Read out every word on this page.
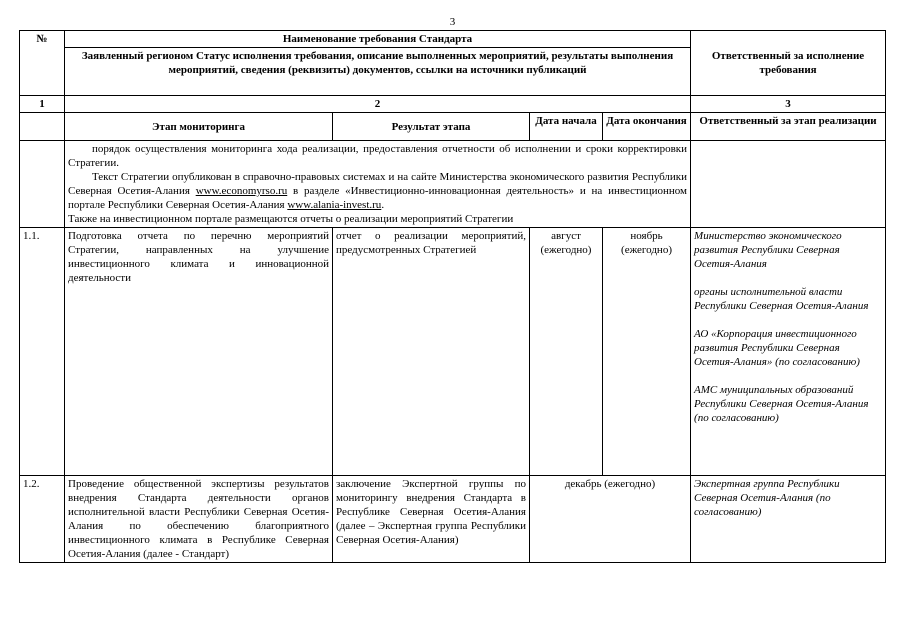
3
№	Наименование требования Стандарта				Ответственный за исполнение требования
	Заявленный регионом Статус исполнения требования, описание выполненных мероприятий, результаты выполнения мероприятий, сведения (реквизиты) документов, ссылки на источники публикаций				
1	2				3
	Этап мониторинга	Результат этапа	Дата начала	Дата окончания	Ответственный за этап реализации

	порядок осуществления мониторинга хода реализации, предоставления отчетности об исполнении и сроки корректировки Стратегии.

Текст Стратегии опубликован в справочно-правовых системах и на сайте Министерства экономического развития Республики Северная Осетия-Алания www.economyrso.ru в разделе «Инвестиционно-инновационная деятельность» и на инвестиционном портале Республики Северная Осетия-Алания www.alania-invest.ru.

Также на инвестиционном портале размещаются отчеты о реализации мероприятий Стратегии				

1.1.	Подготовка отчета по перечню мероприятий Стратегии, направленных на улучшение инвестиционного климата и инновационной деятельности	отчет о реализации мероприятий, предусмотренных Стратегией	август (ежегодно)	ноябрь (ежегодно)	Министерство экономического развития Республики Северная Осетия-Алания

органы исполнительной власти Республики Северная Осетия-Алания

АО «Корпорация инвестиционного развития Республики Северная Осетия-Алания» (по согласованию)

АМС муниципальных образований Республики Северная Осетия-Алания (по согласованию)

1.2.	Проведение общественной экспертизы результатов внедрения Стандарта деятельности органов исполнительной власти Республики Северная Осетия-Алания по обеспечению благоприятного инвестиционного климата в Республике Северная Осетия-Алания (далее - Стандарт)	заключение Экспертной группы по мониторингу внедрения Стандарта в Республике Северная Осетия-Алания (далее – Экспертная группа Республики Северная Осетия-Алания)	декабрь (ежегодно)		Экспертная группа Республики Северная Осетия-Алания (по согласованию)
